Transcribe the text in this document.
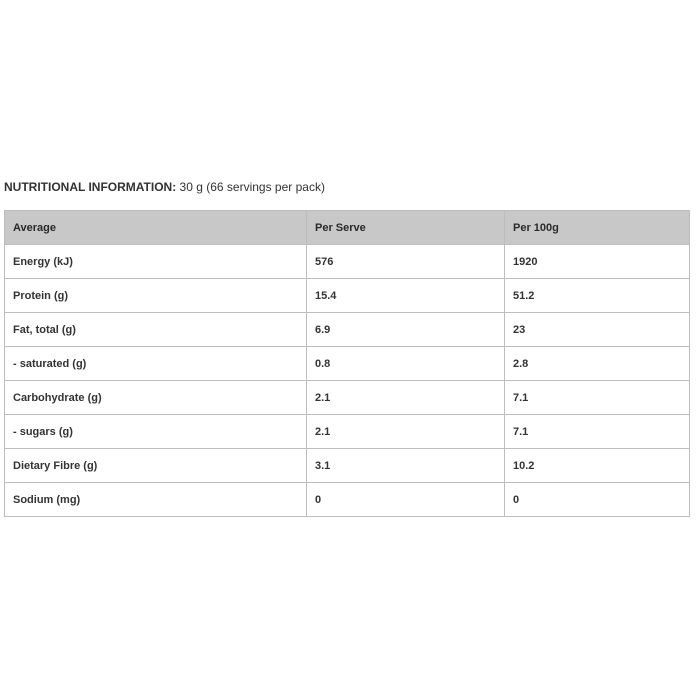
NUTRITIONAL INFORMATION: 30 g (66 servings per pack)
Average	Per Serve	Per 100g
Energy (kJ)	576	1920
Protein (g)	15.4	51.2
Fat, total (g)	6.9	23
- saturated (g)	0.8	2.8
Carbohydrate (g)	2.1	7.1
- sugars (g)	2.1	7.1
Dietary Fibre (g)	3.1	10.2
Sodium (mg)	0	0
